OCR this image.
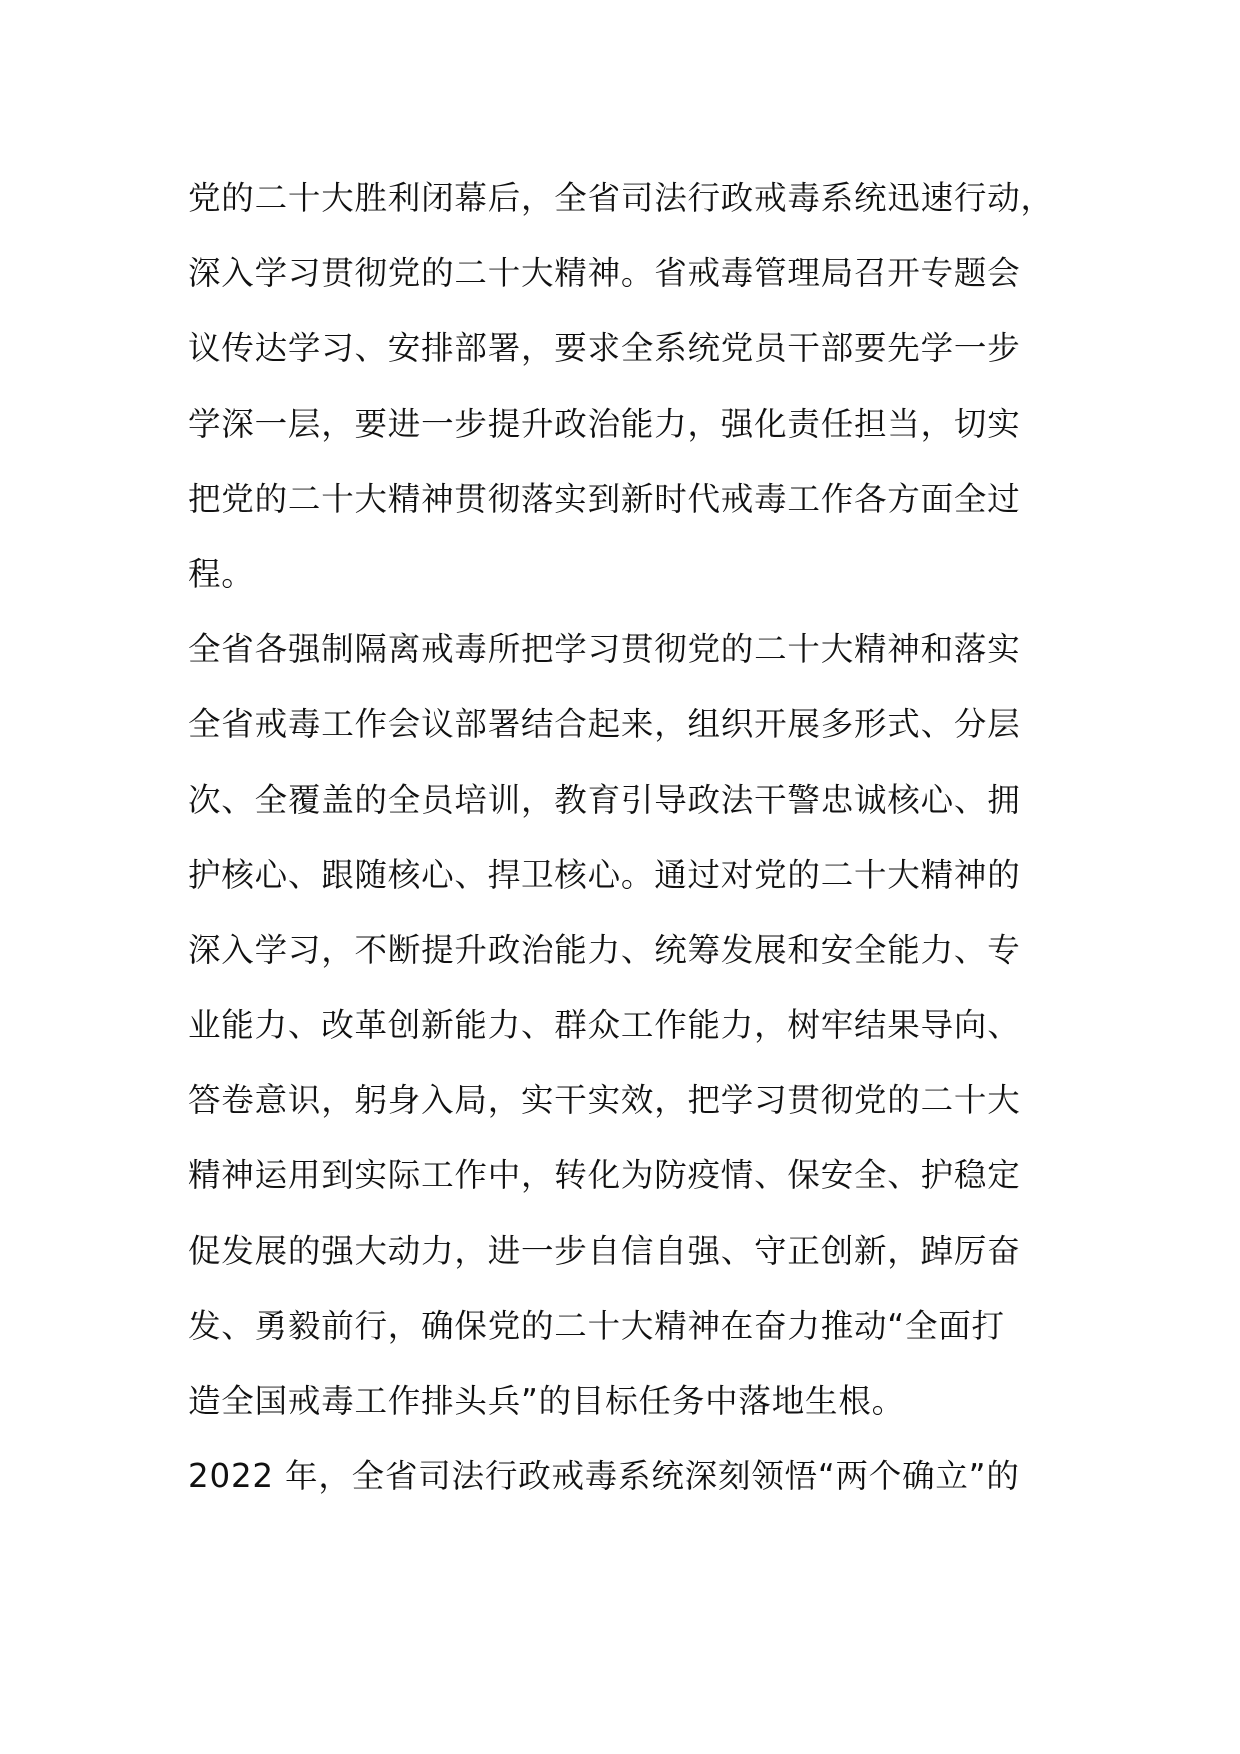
党的二十大胜利闭幕后，全省司法行政戒毒系统迅速行动，
深入学习贯彻党的二十大精神。省戒毒管理局召开专题会
议传达学习、安排部署，要求全系统党员干部要先学一步
学深一层，要进一步提升政治能力，强化责任担当，切实
把党的二十大精神贯彻落实到新时代戒毒工作各方面全过
程。
全省各强制隔离戒毒所把学习贯彻党的二十大精神和落实
全省戒毒工作会议部署结合起来，组织开展多形式、分层
次、全覆盖的全员培训，教育引导政法干警忠诚核心、拥
护核心、跟随核心、捍卫核心。通过对党的二十大精神的
深入学习，不断提升政治能力、统筹发展和安全能力、专
业能力、改革创新能力、群众工作能力，树牢结果导向、
答卷意识，躬身入局，实干实效，把学习贯彻党的二十大
精神运用到实际工作中，转化为防疫情、保安全、护稳定
促发展的强大动力，进一步自信自强、守正创新，踔厉奋
发、勇毅前行，确保党的二十大精神在奋力推动“全面打
造全国戒毒工作排头兵”的目标任务中落地生根。
2022 年，全省司法行政戒毒系统深刻领悟“两个确立”的
